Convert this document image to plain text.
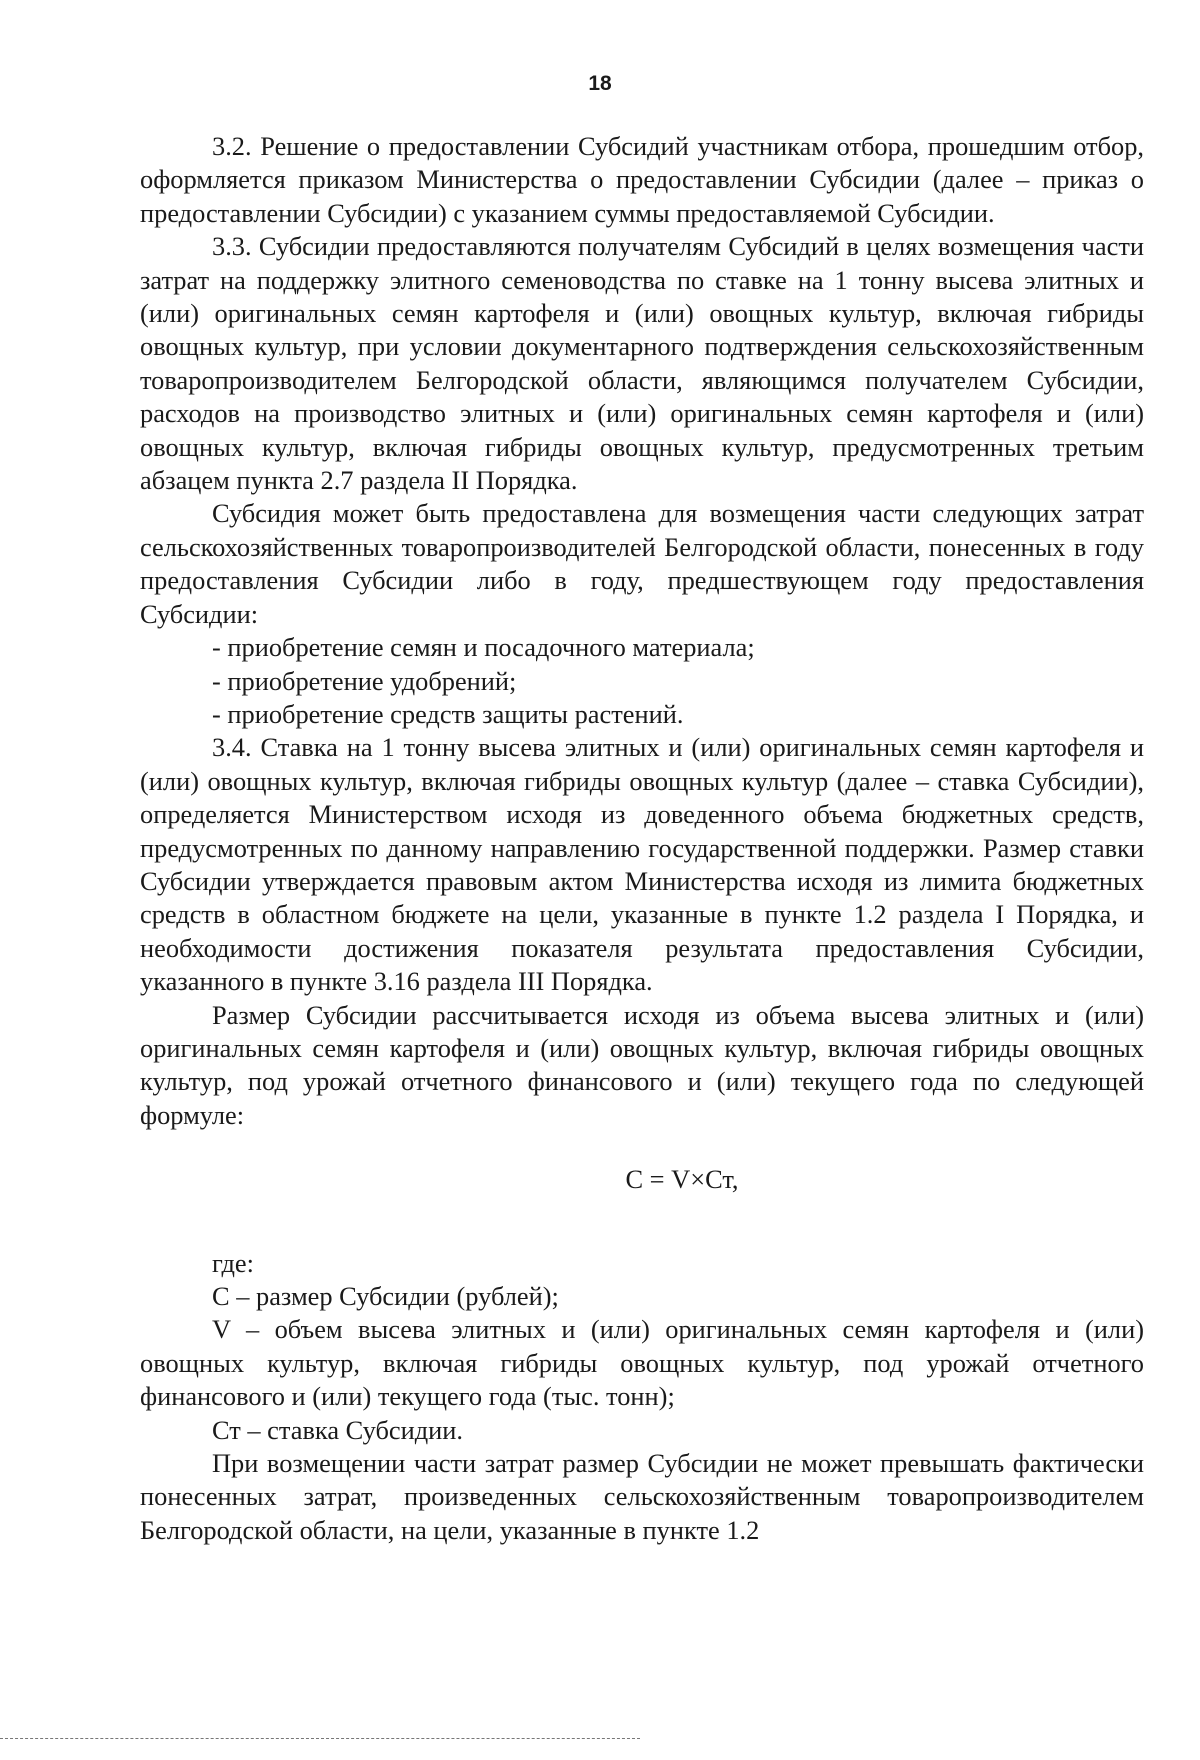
18

3.2. Решение о предоставлении Субсидий участникам отбора, прошедшим отбор, оформляется приказом Министерства о предоставлении Субсидии (далее – приказ о предоставлении Субсидии) с указанием суммы предоставляемой Субсидии.

3.3. Субсидии предоставляются получателям Субсидий в целях возмещения части затрат на поддержку элитного семеноводства по ставке на 1 тонну высева элитных и (или) оригинальных семян картофеля и (или) овощных культур, включая гибриды овощных культур, при условии документарного подтверждения сельскохозяйственным товаропроизводителем Белгородской области, являющимся получателем Субсидии, расходов на производство элитных и (или) оригинальных семян картофеля и (или) овощных культур, включая гибриды овощных культур, предусмотренных третьим абзацем пункта 2.7 раздела II Порядка.

Субсидия может быть предоставлена для возмещения части следующих затрат сельскохозяйственных товаропроизводителей Белгородской области, понесенных в году предоставления Субсидии либо в году, предшествующем году предоставления Субсидии:

- приобретение семян и посадочного материала;

- приобретение удобрений;

- приобретение средств защиты растений.

3.4. Ставка на 1 тонну высева элитных и (или) оригинальных семян картофеля и (или) овощных культур, включая гибриды овощных культур (далее – ставка Субсидии), определяется Министерством исходя из доведенного объема бюджетных средств, предусмотренных по данному направлению государственной поддержки. Размер ставки Субсидии утверждается правовым актом Министерства исходя из лимита бюджетных средств в областном бюджете на цели, указанные в пункте 1.2 раздела I Порядка, и необходимости достижения показателя результата предоставления Субсидии, указанного в пункте 3.16 раздела III Порядка.

Размер Субсидии рассчитывается исходя из объема высева элитных и (или) оригинальных семян картофеля и (или) овощных культур, включая гибриды овощных культур, под урожай отчетного финансового и (или) текущего года по следующей формуле:

С = V×Ст,

где:

С – размер Субсидии (рублей);

V – объем высева элитных и (или) оригинальных семян картофеля и (или) овощных культур, включая гибриды овощных культур, под урожай отчетного финансового и (или) текущего года (тыс. тонн);

Ст – ставка Субсидии.

При возмещении части затрат размер Субсидии не может превышать фактически понесенных затрат, произведенных сельскохозяйственным товаропроизводителем Белгородской области, на цели, указанные в пункте 1.2
